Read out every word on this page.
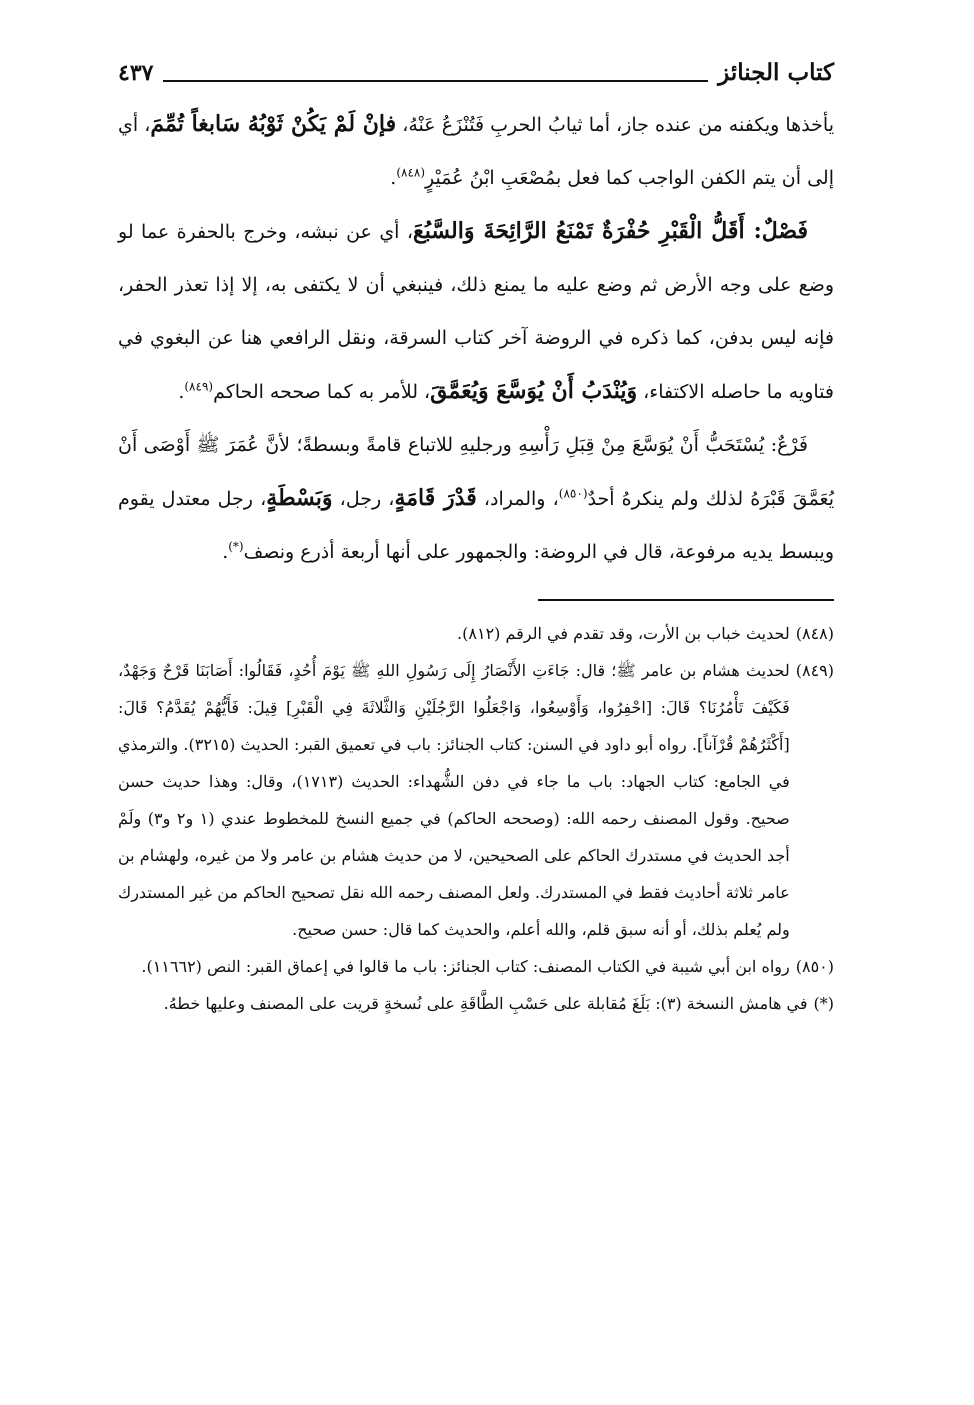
كتاب الجنائز
٤٣٧

يأخذها ويكفنه من عنده جاز، أما ثيابُ الحربِ فَتُنْزَعُ عَنْهُ، فإنْ لَمْ يَكُنْ ثَوْبُهُ سَابغاً تُمِّمَ، أي إلى أن يتم الكفن الواجب كما فعل بمُصْعَبِ ابْنُ عُمَيْرٍ$^{(٨٤٨)}$.

فَصْلٌ: أَقَلُّ الْقَبْرِ حُفْرَةٌ تَمْنَعُ الرَّائِحَةَ وَالسَّبُعَ، أي عن نبشه، وخرج بالحفرة عما لو وضع على وجه الأرض ثم وضع عليه ما يمنع ذلك، فينبغي أن لا يكتفى به، إلا إذا تعذر الحفر، فإنه ليس بدفن، كما ذكره في الروضة آخر كتاب السرقة، ونقل الرافعي هنا عن البغوي في فتاويه ما حاصله الاكتفاء، وَيُنْدَبُ أَنْ يُوَسَّعَ وَيُعَمَّقَ، للأمر به كما صححه الحاكم$^{(٨٤٩)}$.

فَرْعٌ: يُسْتَحَبُّ أَنْ يُوَسَّعَ مِنْ قِبَلِ رَأْسِهِ ورجليهِ للاتباع قامةً وبسطةً؛ لأنَّ عُمَرَ ﷺ أَوْصَى أَنْ يُعَمَّقَ قَبْرَهُ لذلك ولم ينكرهُ أحدٌ$^{(٨٥٠)}$، والمراد، قَدْرَ قَامَةٍ، رجل، وَبَسْطَةٍ، رجل معتدل يقوم ويبسط يديه مرفوعة، قال في الروضة: والجمهور على أنها أربعة أذرع ونصف(*).

(٨٤٨)
لحديث خباب بن الأرت، وقد تقدم في الرقم (٨١٢).
(٨٤٩)
لحديث هشام بن عامر ﷺ؛ قال: جَاءَتِ الأَنْصَارُ إِلَى رَسُولِ اللهِ ﷺ يَوْمَ أُحُدٍ، فَقَالُوا: أَصَابَنَا قَرْحٌ وَجَهْدٌ، فَكَيْفَ تَأْمُرُنَا؟ قَالَ: [احْفِرُوا، وَأَوْسِعُوا، وَاجْعَلُوا الرَّجُلَيْنِ وَالثَّلاثَةَ فِي الْقَبْرِ] قِيلَ: فَأَيُّهُمْ يُقَدَّمُ؟ قَالَ: [أَكْثَرُهُمْ قُرْآناً]. رواه أبو داود في السنن: كتاب الجنائز: باب في تعميق القبر: الحديث (٣٢١٥). والترمذي في الجامع: كتاب الجهاد: باب ما جاء في دفن الشُّهداء: الحديث (١٧١٣)، وقال: وهذا حديث حسن صحيح. وقول المصنف رحمه الله: (وصححه الحاكم) في جميع النسخ للمخطوط عندي (١ و٢ و٣) ولَمْ أجد الحديث في مستدرك الحاكم على الصحيحين، لا من حديث هشام بن عامر ولا من غيره، ولهشام بن عامر ثلاثة أحاديث فقط في المستدرك. ولعل المصنف رحمه الله نقل تصحيح الحاكم من غير المستدرك ولم يُعلم بذلك، أو أنه سبق قلم، والله أعلم، والحديث كما قال: حسن صحيح.
(٨٥٠)
رواه ابن أبي شيبة في الكتاب المصنف: كتاب الجنائز: باب ما قالوا في إعماق القبر: النص (١١٦٦٢).
(*)
في هامش النسخة (٣): بَلَغَ مُقابلة على حَسْبِ الطَّاقَةِ على نُسخةٍ قريت على المصنف وعليها خطهُ.
